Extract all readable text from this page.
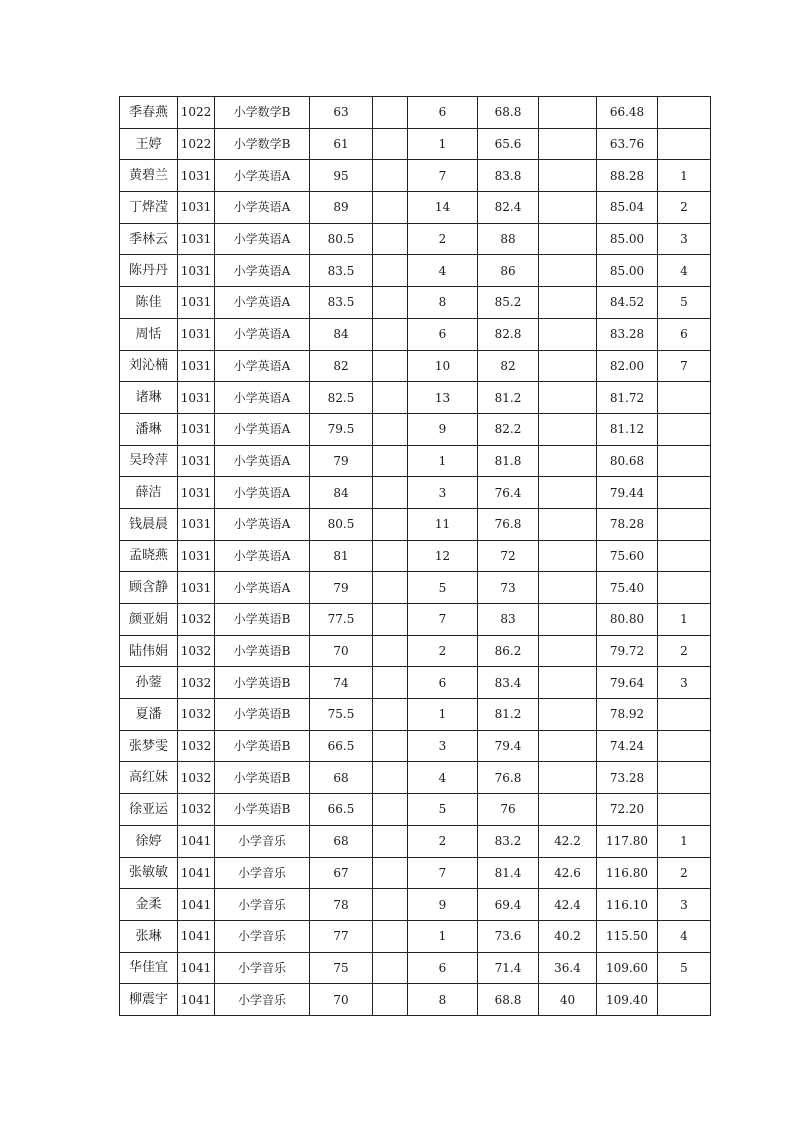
季春燕	1022	小学数学B	63		6	68.8		66.48	
王婷	1022	小学数学B	61		1	65.6		63.76	
黄碧兰	1031	小学英语A	95		7	83.8		88.28	1
丁烨滢	1031	小学英语A	89		14	82.4		85.04	2
季林云	1031	小学英语A	80.5		2	88		85.00	3
陈丹丹	1031	小学英语A	83.5		4	86		85.00	4
陈佳	1031	小学英语A	83.5		8	85.2		84.52	5
周恬	1031	小学英语A	84		6	82.8		83.28	6
刘沁楠	1031	小学英语A	82		10	82		82.00	7
诸琳	1031	小学英语A	82.5		13	81.2		81.72	
潘琳	1031	小学英语A	79.5		9	82.2		81.12	
吴玲萍	1031	小学英语A	79		1	81.8		80.68	
薛洁	1031	小学英语A	84		3	76.4		79.44	
钱晨晨	1031	小学英语A	80.5		11	76.8		78.28	
孟晓燕	1031	小学英语A	81		12	72		75.60	
顾含静	1031	小学英语A	79		5	73		75.40	
颜亚娟	1032	小学英语B	77.5		7	83		80.80	1
陆伟娟	1032	小学英语B	70		2	86.2		79.72	2
孙蓥	1032	小学英语B	74		6	83.4		79.64	3
夏潘	1032	小学英语B	75.5		1	81.2		78.92	
张梦雯	1032	小学英语B	66.5		3	79.4		74.24	
高红妹	1032	小学英语B	68		4	76.8		73.28	
徐亚运	1032	小学英语B	66.5		5	76		72.20	
徐婷	1041	小学音乐	68		2	83.2	42.2	117.80	1
张敏敏	1041	小学音乐	67		7	81.4	42.6	116.80	2
金柔	1041	小学音乐	78		9	69.4	42.4	116.10	3
张琳	1041	小学音乐	77		1	73.6	40.2	115.50	4
华佳宜	1041	小学音乐	75		6	71.4	36.4	109.60	5
柳震宇	1041	小学音乐	70		8	68.8	40	109.40	
